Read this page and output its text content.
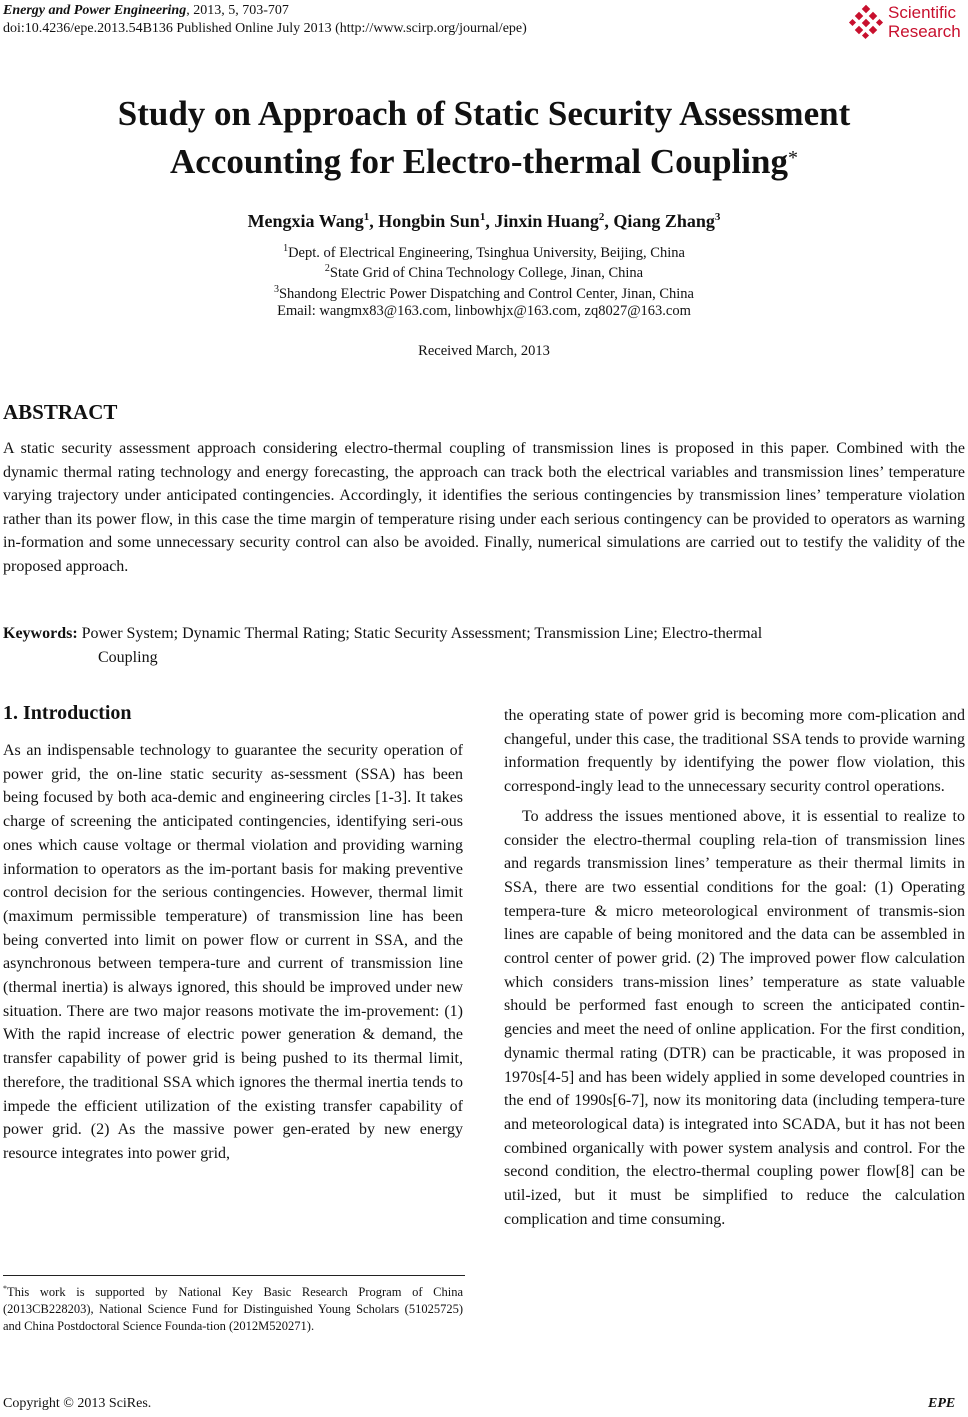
Energy and Power Engineering, 2013, 5, 703-707
doi:10.4236/epe.2013.54B136 Published Online July 2013 (http://www.scirp.org/journal/epe)
Scientific
Research
Study on Approach of Static Security Assessment
Accounting for Electro-thermal Coupling*
Mengxia Wang$^1$, Hongbin Sun$^1$, Jinxin Huang$^2$, Qiang Zhang$^3$
$^1$Dept. of Electrical Engineering, Tsinghua University, Beijing, China
$^2$State Grid of China Technology College, Jinan, China
$^3$Shandong Electric Power Dispatching and Control Center, Jinan, China
Email: wangmx83@163.com, linbowhjx@163.com, zq8027@163.com
Received March, 2013
ABSTRACT
A static security assessment approach considering electro-thermal coupling of transmission lines is proposed in this paper. Combined with the dynamic thermal rating technology and energy forecasting, the approach can track both the electrical variables and transmission lines’ temperature varying trajectory under anticipated contingencies. Accordingly, it identifies the serious contingencies by transmission lines’ temperature violation rather than its power flow, in this case the time margin of temperature rising under each serious contingency can be provided to operators as warning in-formation and some unnecessary security control can also be avoided. Finally, numerical simulations are carried out to testify the validity of the proposed approach.
Keywords: Power System; Dynamic Thermal Rating; Static Security Assessment; Transmission Line; Electro-thermal
Coupling
1. Introduction

As an indispensable technology to guarantee the security operation of power grid, the on-line static security as-sessment (SSA) has been being focused by both aca-demic and engineering circles [1-3]. It takes charge of screening the anticipated contingencies, identifying seri-ous ones which cause voltage or thermal violation and providing warning information to operators as the im-portant basis for making preventive control decision for the serious contingencies. However, thermal limit (maximum permissible temperature) of transmission line has been being converted into limit on power flow or current in SSA, and the asynchronous between tempera-ture and current of transmission line (thermal inertia) is always ignored, this should be improved under new situation. There are two major reasons motivate the im-provement: (1) With the rapid increase of electric power generation & demand, the transfer capability of power grid is being pushed to its thermal limit, therefore, the traditional SSA which ignores the thermal inertia tends to impede the efficient utilization of the existing transfer capability of power grid. (2) As the massive power gen-erated by new energy resource integrates into power grid,

the operating state of power grid is becoming more com-plication and changeful, under this case, the traditional SSA tends to provide warning information frequently by identifying the power flow violation, this correspond-ingly lead to the unnecessary security control operations.

To address the issues mentioned above, it is essential to realize to consider the electro-thermal coupling rela-tion of transmission lines and regards transmission lines’ temperature as their thermal limits in SSA, there are two essential conditions for the goal: (1) Operating tempera-ture & micro meteorological environment of transmis-sion lines are capable of being monitored and the data can be assembled in control center of power grid. (2) The improved power flow calculation which considers trans-mission lines’ temperature as state valuable should be performed fast enough to screen the anticipated contin-gencies and meet the need of online application. For the first condition, dynamic thermal rating (DTR) can be practicable, it was proposed in 1970s[4-5] and has been widely applied in some developed countries in the end of 1990s[6-7], now its monitoring data (including tempera-ture and meteorological data) is integrated into SCADA, but it has not been combined organically with power system analysis and control. For the second condition, the electro-thermal coupling power flow[8] can be util-ized, but it must be simplified to reduce the calculation complication and time consuming.

*This work is supported by National Key Basic Research Program of China (2013CB228203), National Science Fund for Distinguished Young Scholars (51025725) and China Postdoctoral Science Founda-tion (2012M520271).
Copyright © 2013 SciRes.	EPE
